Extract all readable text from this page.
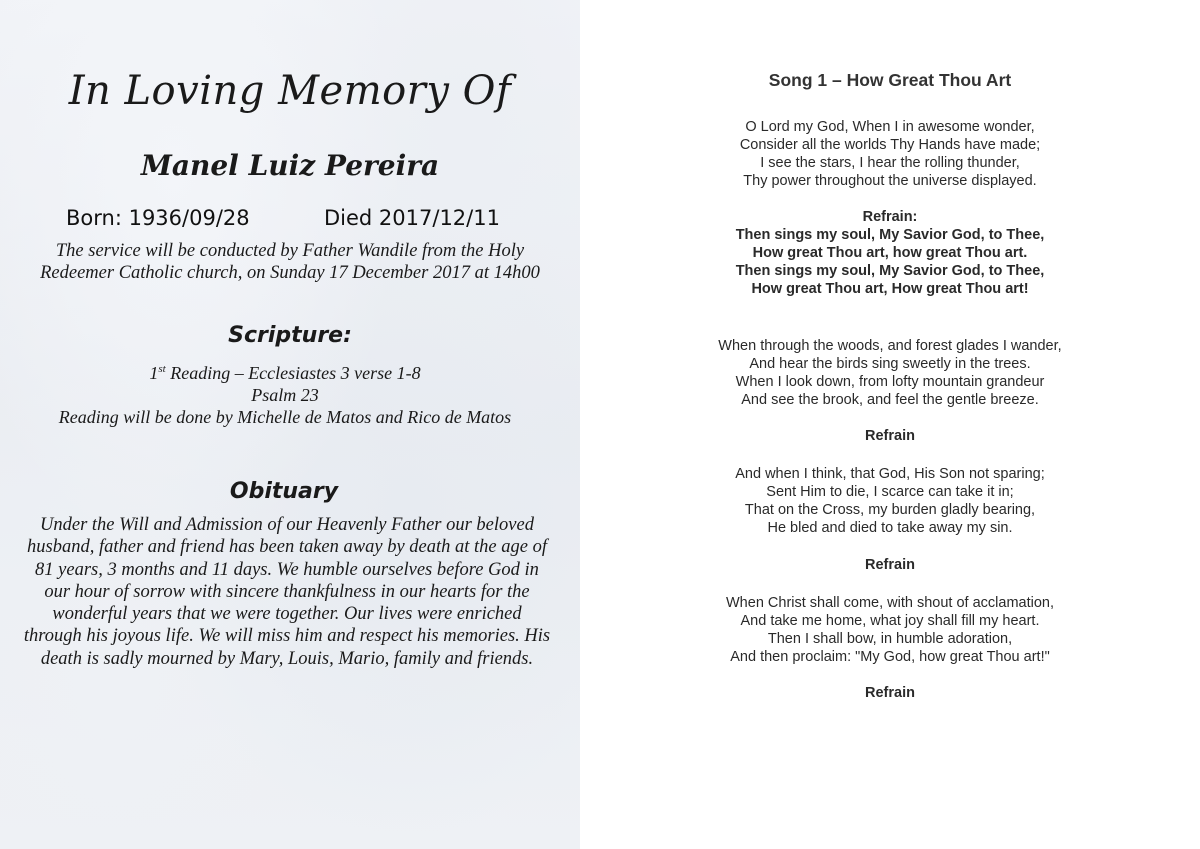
In Loving Memory Of
Manel Luiz Pereira
Born: 1936/09/28	Died 2017/12/11

The service will be conducted by Father Wandile from the Holy Redeemer Catholic church, on Sunday 17 December 2017 at 14h00

Scripture:
1st Reading – Ecclesiastes 3 verse 1-8
Psalm 23
Reading will be done by Michelle de Matos and Rico de Matos
Obituary

Under the Will and Admission of our Heavenly Father our beloved husband, father and friend has been taken away by death at the age of 81 years, 3 months and 11 days. We humble ourselves before God in our hour of sorrow with sincere thankfulness in our hearts for the wonderful years that we were together. Our lives were enriched through his joyous life. We will miss him and respect his memories. His death is sadly mourned by Mary, Louis, Mario, family and friends.

Song 1 – How Great Thou Art
O Lord my God, When I in awesome wonder,
Consider all the worlds Thy Hands have made;
I see the stars, I hear the rolling thunder,
Thy power throughout the universe displayed.
Refrain:
Then sings my soul, My Savior God, to Thee,
How great Thou art, how great Thou art.
Then sings my soul, My Savior God, to Thee,
How great Thou art, How great Thou art!
When through the woods, and forest glades I wander,
And hear the birds sing sweetly in the trees.
When I look down, from lofty mountain grandeur
And see the brook, and feel the gentle breeze.

Refrain

And when I think, that God, His Son not sparing;
Sent Him to die, I scarce can take it in;
That on the Cross, my burden gladly bearing,
He bled and died to take away my sin.

Refrain

When Christ shall come, with shout of acclamation,
And take me home, what joy shall fill my heart.
Then I shall bow, in humble adoration,
And then proclaim: "My God, how great Thou art!"

Refrain
